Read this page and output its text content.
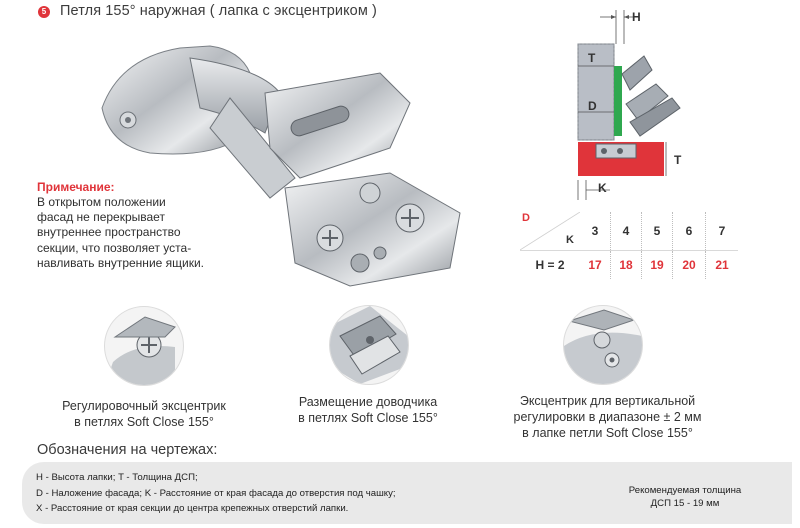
5 Петля 155° наружная ( лапка с эксцентриком )
Примечание:
В открытом положении
фасад не перекрывает
внутреннее пространство
секции, что позволяет уста-
навливать внутренние ящики.
H
T
D
K
T
D
K	3	4	5	6	7
H = 2	17	18	19	20	21
Регулировочный эксцентрик
в петлях Soft Close 155°
Размещение доводчика
в петлях Soft Close 155°
Эксцентрик для вертикальной
регулировки в диапазоне ± 2 мм
в лапке петли Soft Close 155°
Обозначения на чертежах:
H - Высота лапки; T - Толщина ДСП;
D - Наложение фасада; K - Расстояние от края фасада до отверстия под чашку;
X - Расстояние от края секции до центра крепежных отверстий лапки.
Рекомендуемая толщина
ДСП 15 - 19 мм
